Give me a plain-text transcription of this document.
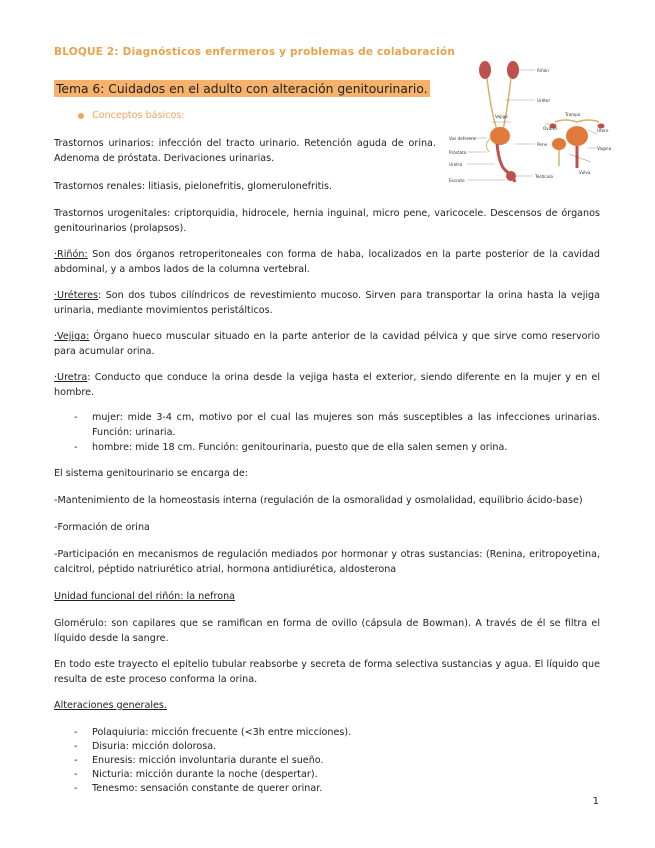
BLOQUE 2: Diagnósticos enfermeros y problemas de colaboración
Tema 6: Cuidados en el adulto con alteración genitourinario.
Conceptos básicos:
Riñón
Uréter
Vejiga
Vas deferens
Próstata
Uretra
Escroto
Pene
Testículo
Trompa
Útero
Ovario
Vagina
Vulva
Trastornos urinarios: infección del tracto urinario. Retención aguda de orina. Adenoma de próstata. Derivaciones urinarias.
Trastornos renales: litiasis, pielonefritis, glomerulonefritis.
Trastornos urogenitales: criptorquidia, hidrocele, hernia inguinal, micro pene, varicocele. Descensos de órganos genitourinarios (prolapsos).
·Riñón: Son dos órganos retroperitoneales con forma de haba, localizados en la parte posterior de la cavidad abdominal, y a ambos lados de la columna vertebral.
·Uréteres: Son dos tubos cilíndricos de revestimiento mucoso. Sirven para transportar la orina hasta la vejiga urinaria, mediante movimientos peristálticos.
·Vejiga: Órgano hueco muscular situado en la parte anterior de la cavidad pélvica y que sirve como reservorio para acumular orina.
·Uretra: Conducto que conduce la orina desde la vejiga hasta el exterior, siendo diferente en la mujer y en el hombre.
- mujer: mide 3-4 cm, motivo por el cual las mujeres son más susceptibles a las infecciones urinarias. Función: urinaria.
- hombre: mide 18 cm. Función: genitourinaria, puesto que de ella salen semen y orina.
El sistema genitourinario se encarga de:
-Mantenimiento de la homeostasis interna (regulación de la osmoralidad y osmolalidad, equilibrio ácido-base)
-Formación de orina
-Participación en mecanismos de regulación mediados por hormonar y otras sustancias: (Renina, eritropoyetina, calcitrol, péptido natriurético atrial, hormona antidiurética, aldosterona
Unidad funcional del riñón: la nefrona
Glomérulo: son capilares que se ramifican en forma de ovillo (cápsula de Bowman). A través de él se filtra el líquido desde la sangre.
En todo este trayecto el epitelio tubular reabsorbe y secreta de forma selectiva sustancias y agua. El líquido que resulta de este proceso conforma la orina.
Alteraciones generales.
- Polaquiuria: micción frecuente (<3h entre micciones).
- Disuria: micción dolorosa.
- Enuresis: micción involuntaria durante el sueño.
- Nicturia: micción durante la noche (despertar).
- Tenesmo: sensación constante de querer orinar.
1
